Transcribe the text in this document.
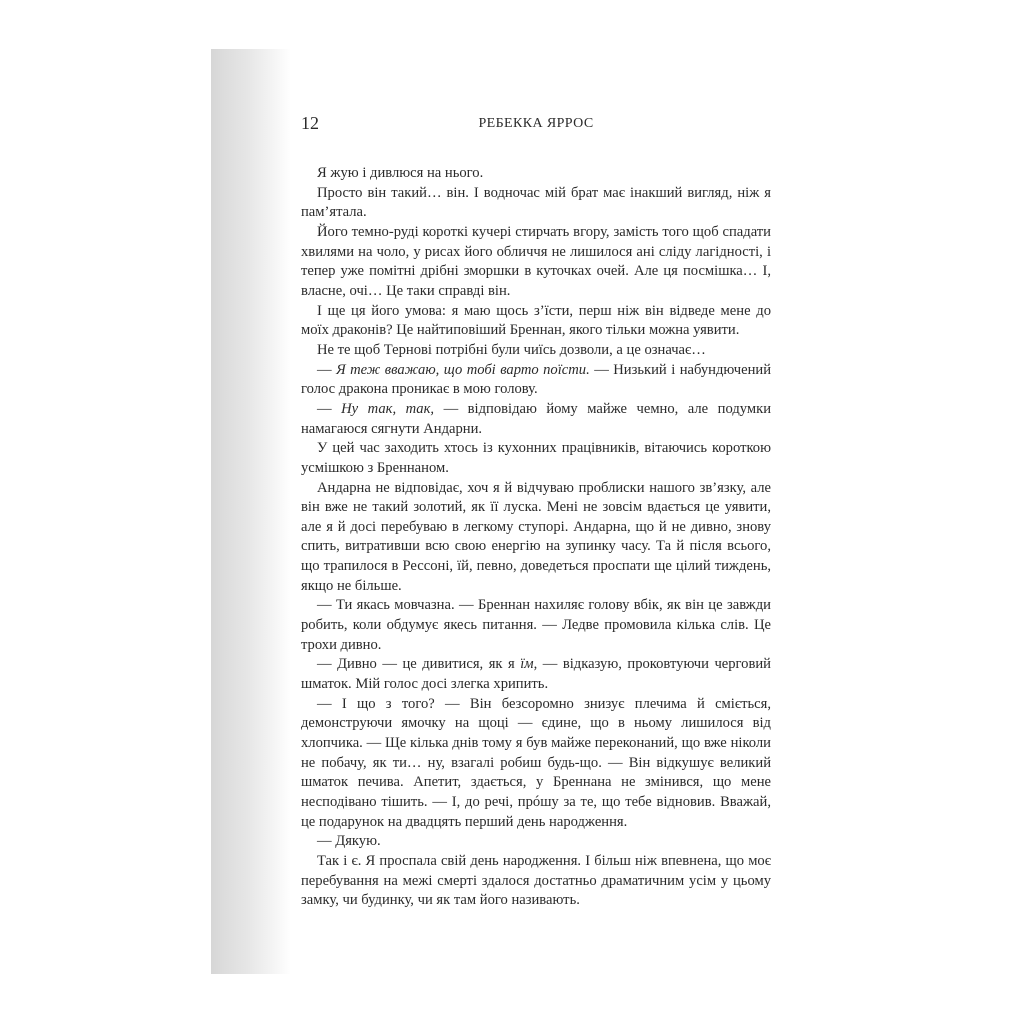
12	РЕБЕККА ЯРРОС

Я жую і дивлюся на нього.

Просто він такий… він. І водночас мій брат має інакший вигляд, ніж я пам’ятала.

Його темно-руді короткі кучері стирчать вгору, замість того щоб спадати хвилями на чоло, у рисах його обличчя не лишилося ані сліду лагідності, і тепер уже помітні дрібні зморшки в куточках очей. Але ця посмішка… І, власне, очі… Це таки справді він.

І ще ця його умова: я маю щось з’їсти, перш ніж він відведе мене до моїх драконів? Це найтиповіший Бреннан, якого тільки можна уявити.

Не те щоб Тернові потрібні були чиїсь дозволи, а це означає…

— Я теж вважаю, що тобі варто поїсти. — Низький і набундючений голос дракона проникає в мою голову.

— Ну так, так, — відповідаю йому майже чемно, але подумки намагаюся сягнути Андарни.

У цей час заходить хтось із кухонних працівників, вітаючись короткою усмішкою з Бреннаном.

Андарна не відповідає, хоч я й відчуваю проблиски нашого зв’язку, але він вже не такий золотий, як її луска. Мені не зовсім вдається це уявити, але я й досі перебуваю в легкому ступорі. Андарна, що й не дивно, знову спить, витративши всю свою енергію на зупинку часу. Та й після всього, що трапилося в Рессоні, їй, певно, доведеться проспати ще цілий тиждень, якщо не більше.

— Ти якась мовчазна. — Бреннан нахиляє голову вбік, як він це завжди робить, коли обдумує якесь питання. — Ледве промовила кілька слів. Це трохи дивно.

— Дивно — це дивитися, як я їм, — відказую, проковтуючи черговий шматок. Мій голос досі злегка хрипить.

— І що з того? — Він безсоромно знизує плечима й сміється, демонструючи ямочку на щоці — єдине, що в ньому лишилося від хлопчика. — Ще кілька днів тому я був майже переконаний, що вже ніколи не побачу, як ти… ну, взагалі робиш будь-що. — Він відкушує великий шматок печива. Апетит, здається, у Бреннана не змінився, що мене несподівано тішить. — І, до речі, прóшу за те, що тебе відновив. Вважай, це подарунок на двадцять перший день народження.

— Дякую.

Так і є. Я проспала свій день народження. І більш ніж впевнена, що моє перебування на межі смерті здалося достатньо драматичним усім у цьому замку, чи будинку, чи як там його називають.
